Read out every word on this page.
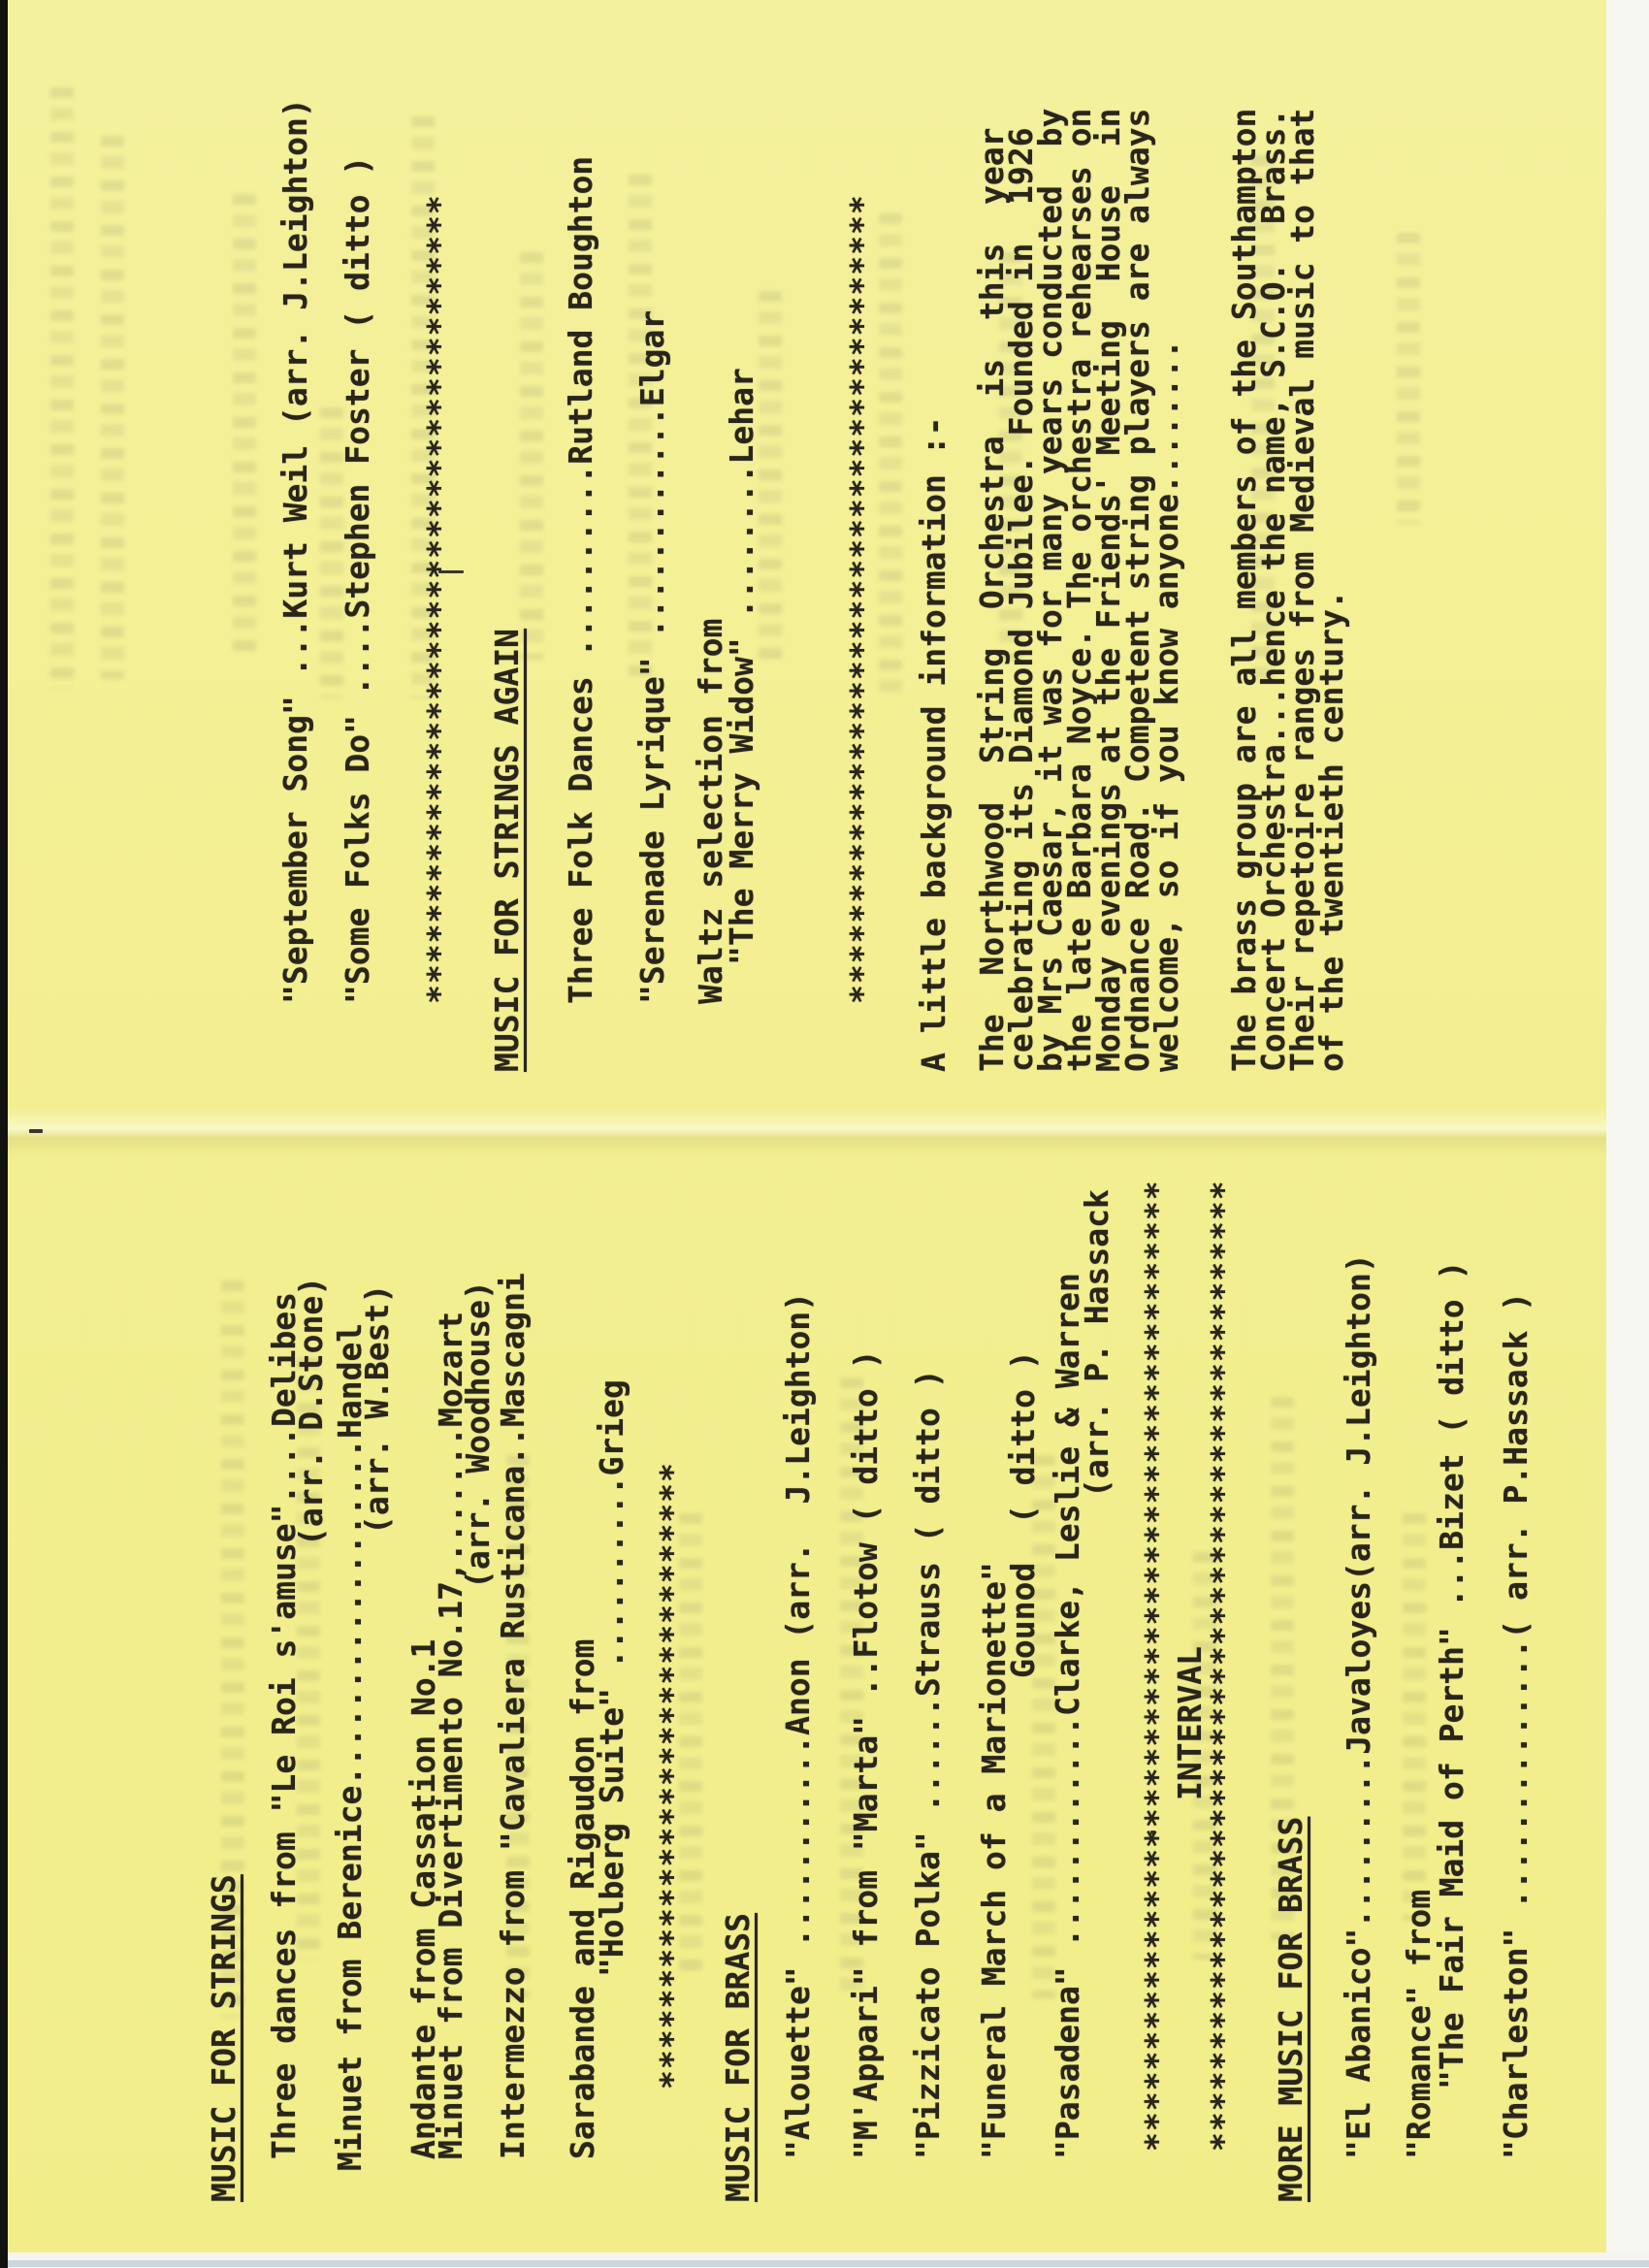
MUSIC FOR STRINGS Three dances from "Le Roi s'amuse"....Delibes
(arr. D.Stone) Minuet from Berenice..................Handel
(arr. W.Best)
Andante from Cassation No.1
Minuet from Divertimento No.17,.......Mozart
(arr. Woodhouse)
Intermezzo from "Cavaliera Rusticana..Mascagni Sarabande and Rigaudon from
"Holberg Suite" ..........Grieg ******************************* MUSIC FOR BRASS "Alouette" ...........Anon (arr.  J.Leighton) "M'Appari" from "Marta" ..Flotow ( ditto ) "Pizzicato Polka" ......Strauss ( ditto ) "Funeral March of a Marionette"
Gounod  ( ditto ) "Pasadena" ............Clarke, Leslie & Warren
(arr. P. Hassack ************************************************
INTERVAL
************************************************ MORE MUSIC FOR BRASS "El Abanico".........Javaloyes(arr. J.Leighton) "Romance" from
"The Fair Maid of Perth" ...Bizet ( ditto ) "Charleston" ..............( arr. P.Hassack )
"September Song" ...Kurt Weil (arr. J.Leighton) "Some Folks Do" ....Stephen Foster ( ditto ) **************************************** MUSIC FOR STRINGS AGAIN Three Folk Dances ..........Rutland Boughton "Serenade Lyrique" ............Elgar Waltz selection from
"The Merry Widow" ........Lehar	**************************************** A little background information :- The  Northwood  String  Orchestra  is  this  year
celebrating its Diamond Jubilee. Founded in  1926
by Mrs Caesar, it was for many years conducted  by
the late Barbara Noyce. The orchestra rehearses on
Monday evenings at the Friends' Meeting  House  in
Ordnance Road. Competent string players are always
welcome, so if you know anyone........ The brass group are all members of the Southampton
Concert Orchestra...hence the name, S.C.O.  Brass.
Their repetoire ranges from Medieval music to that
of the twentieth century.
